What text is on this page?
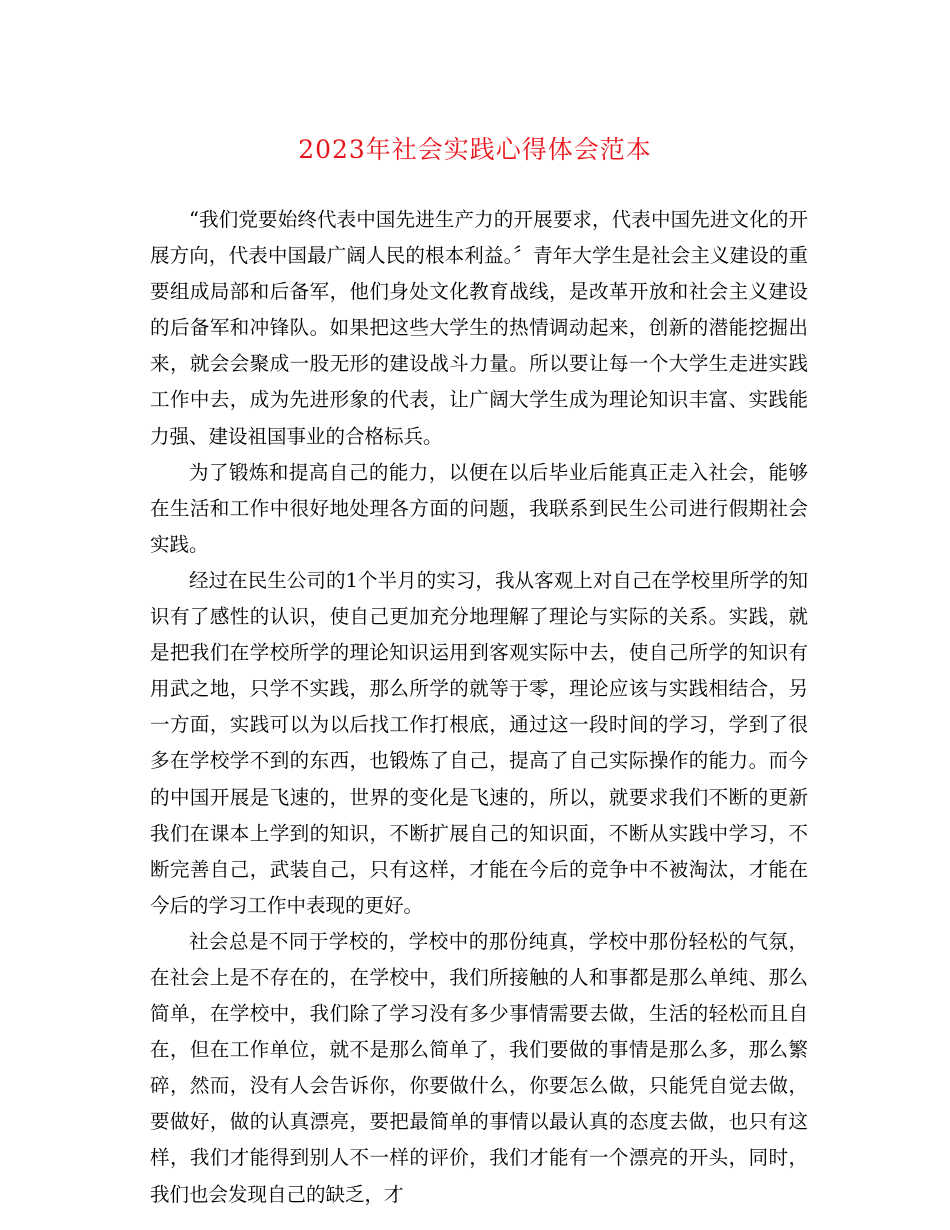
2023年社会实践心得体会范本

“我们党要始终代表中国先进生产力的开展要求，代表中国先进文化的开展方向，代表中国最广阔人民的根本利益。〞青年大学生是社会主义建设的重要组成局部和后备军，他们身处文化教育战线，是改革开放和社会主义建设的后备军和冲锋队。如果把这些大学生的热情调动起来，创新的潜能挖掘出来，就会会聚成一股无形的建设战斗力量。所以要让每一个大学生走进实践工作中去，成为先进形象的代表，让广阔大学生成为理论知识丰富、实践能力强、建设祖国事业的合格标兵。

为了锻炼和提高自己的能力，以便在以后毕业后能真正走入社会，能够在生活和工作中很好地处理各方面的问题，我联系到民生公司进行假期社会实践。

经过在民生公司的1个半月的实习，我从客观上对自己在学校里所学的知识有了感性的认识，使自己更加充分地理解了理论与实际的关系。实践，就是把我们在学校所学的理论知识运用到客观实际中去，使自己所学的知识有用武之地，只学不实践，那么所学的就等于零，理论应该与实践相结合，另一方面，实践可以为以后找工作打根底，通过这一段时间的学习，学到了很多在学校学不到的东西，也锻炼了自己，提高了自己实际操作的能力。而今的中国开展是飞速的，世界的变化是飞速的，所以，就要求我们不断的更新我们在课本上学到的知识，不断扩展自己的知识面，不断从实践中学习，不断完善自己，武装自己，只有这样，才能在今后的竞争中不被淘汰，才能在今后的学习工作中表现的更好。

社会总是不同于学校的，学校中的那份纯真，学校中那份轻松的气氛，在社会上是不存在的，在学校中，我们所接触的人和事都是那么单纯、那么简单，在学校中，我们除了学习没有多少事情需要去做，生活的轻松而且自在，但在工作单位，就不是那么简单了，我们要做的事情是那么多，那么繁碎，然而，没有人会告诉你，你要做什么，你要怎么做，只能凭自觉去做，要做好，做的认真漂亮，要把最简单的事情以最认真的态度去做，也只有这样，我们才能得到别人不一样的评价，我们才能有一个漂亮的开头，同时，我们也会发现自己的缺乏，才
